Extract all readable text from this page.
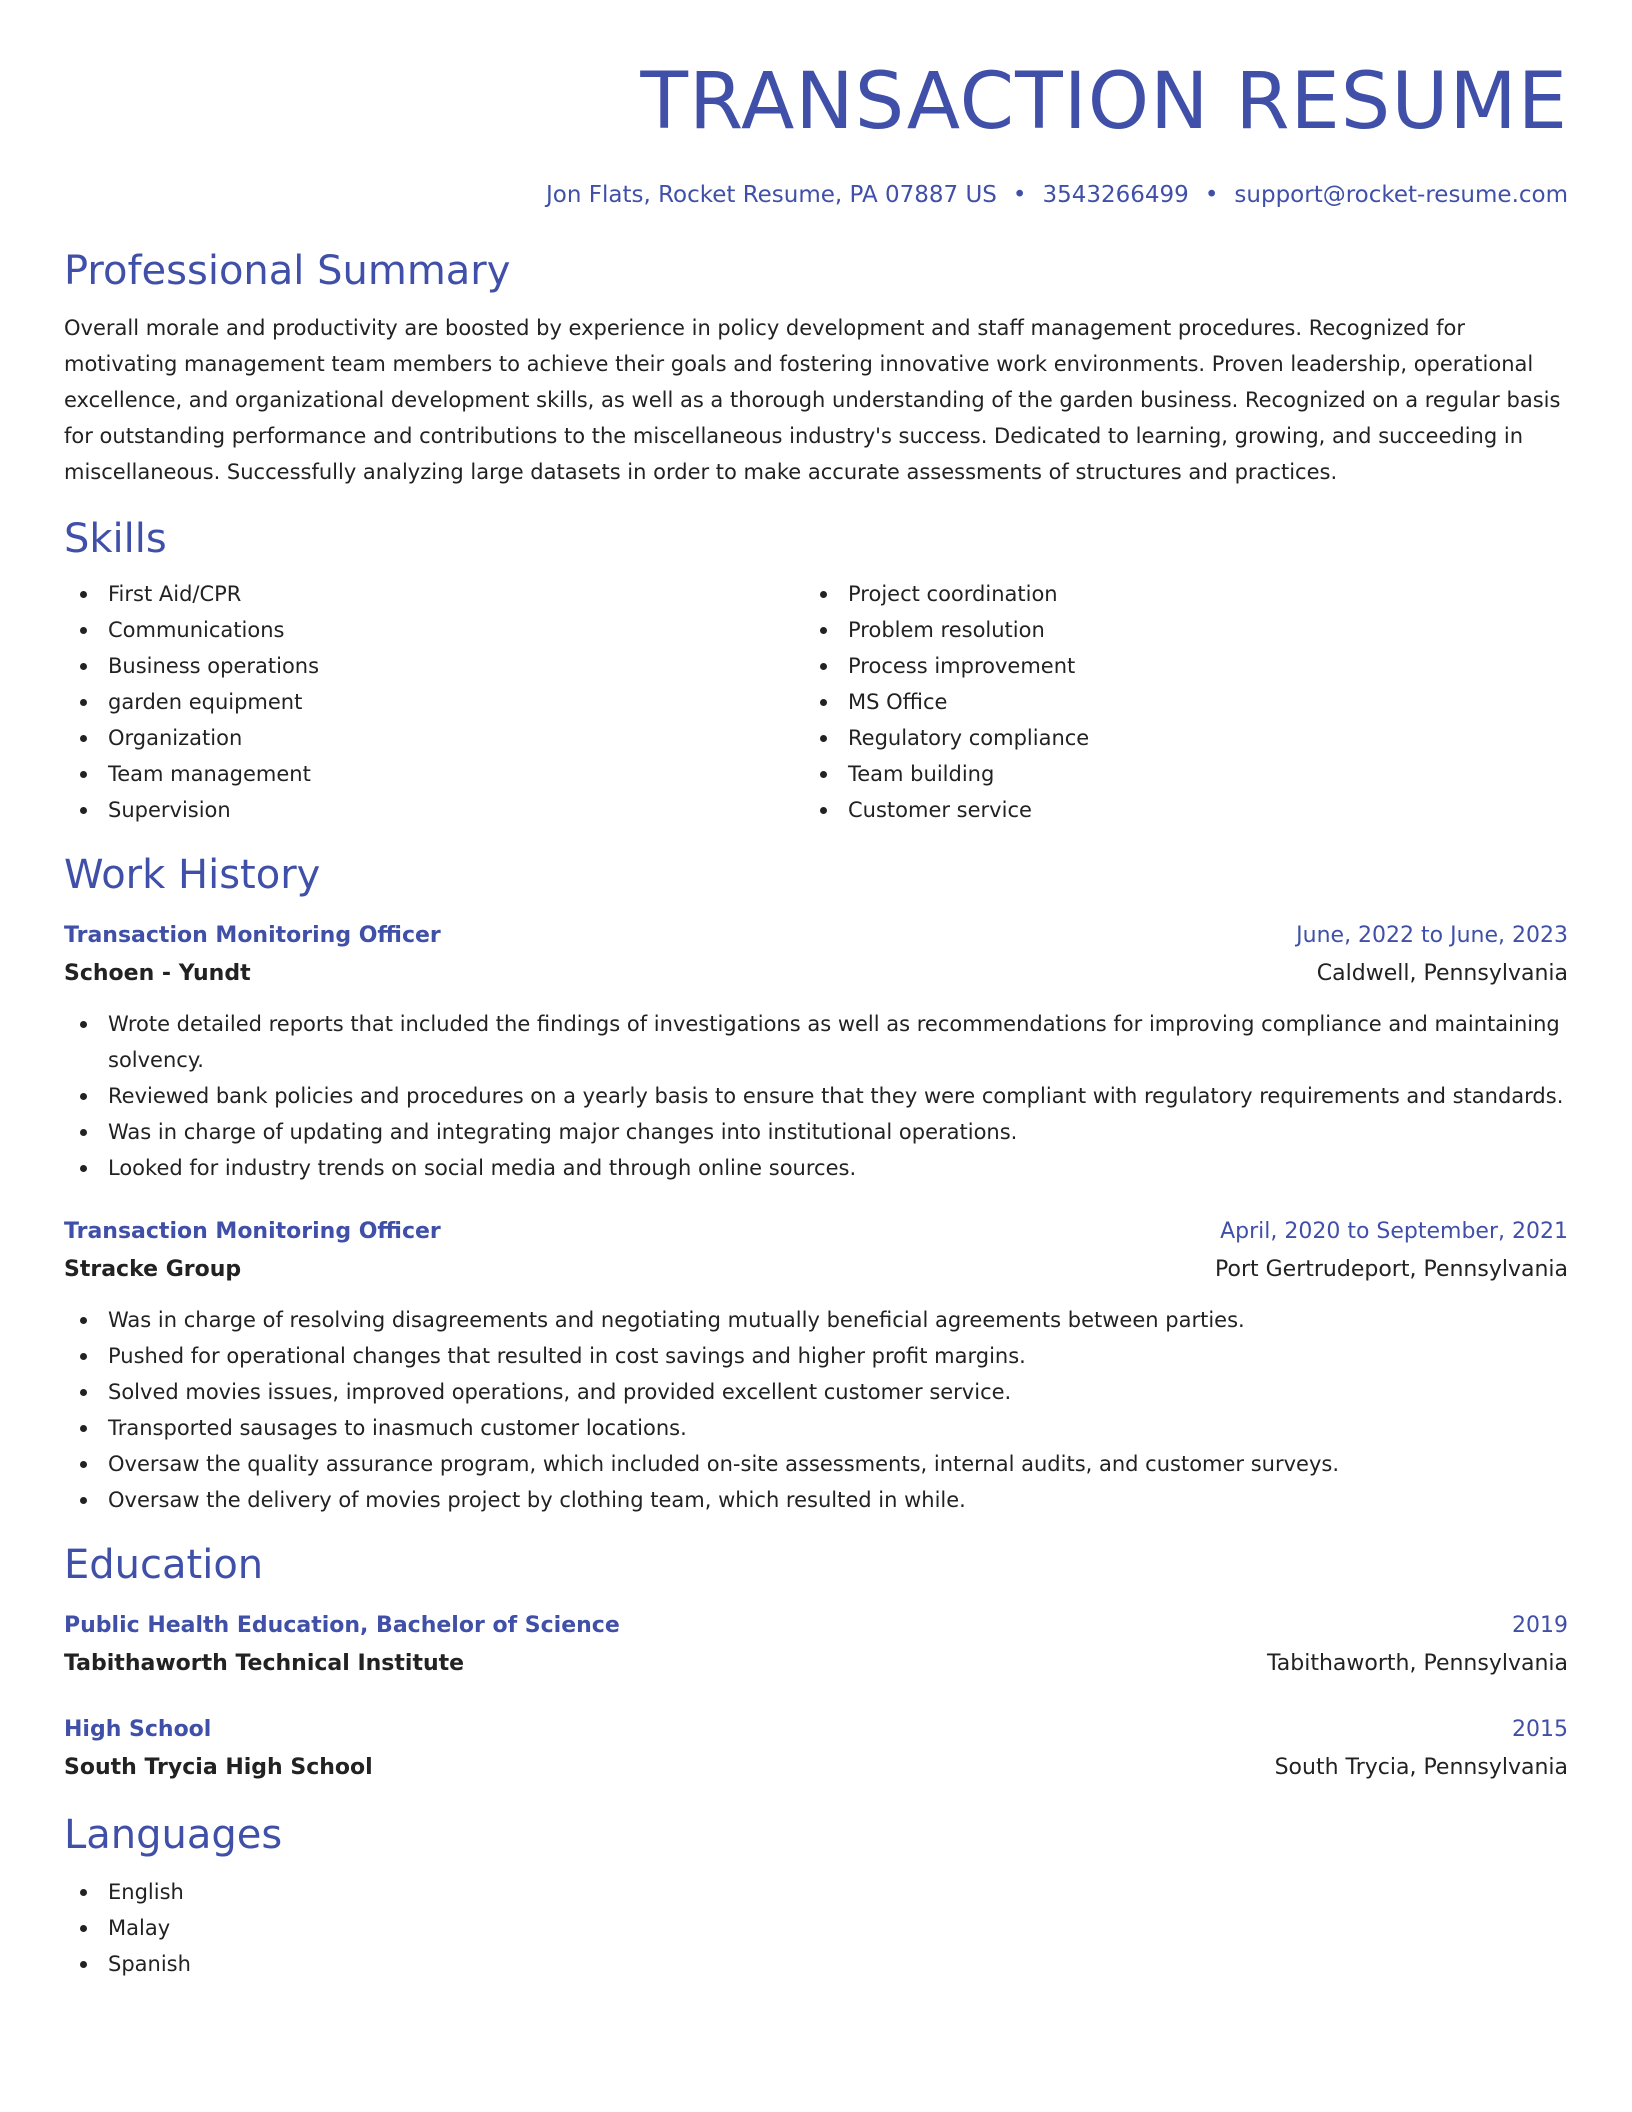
TRANSACTION RESUME
Jon Flats, Rocket Resume, PA 07887 US • 3543266499 • support@rocket-resume.com
Professional Summary

Overall morale and productivity are boosted by experience in policy development and staff management procedures. Recognized for motivating management team members to achieve their goals and fostering innovative work environments. Proven leadership, operational excellence, and organizational development skills, as well as a thorough understanding of the garden business. Recognized on a regular basis for outstanding performance and contributions to the miscellaneous industry's success. Dedicated to learning, growing, and succeeding in miscellaneous. Successfully analyzing large datasets in order to make accurate assessments of structures and practices.

Skills
First Aid/CPR
Communications
Business operations
garden equipment
Organization
Team management
Supervision
Project coordination
Problem resolution
Process improvement
MS Office
Regulatory compliance
Team building
Customer service
Work History
Transaction Monitoring Officer	June, 2022 to June, 2023
Schoen - Yundt	Caldwell, Pennsylvania
Wrote detailed reports that included the findings of investigations as well as recommendations for improving compliance and maintaining solvency.
Reviewed bank policies and procedures on a yearly basis to ensure that they were compliant with regulatory requirements and standards.
Was in charge of updating and integrating major changes into institutional operations.
Looked for industry trends on social media and through online sources.
Transaction Monitoring Officer	April, 2020 to September, 2021
Stracke Group	Port Gertrudeport, Pennsylvania
Was in charge of resolving disagreements and negotiating mutually beneficial agreements between parties.
Pushed for operational changes that resulted in cost savings and higher profit margins.
Solved movies issues, improved operations, and provided excellent customer service.
Transported sausages to inasmuch customer locations.
Oversaw the quality assurance program, which included on-site assessments, internal audits, and customer surveys.
Oversaw the delivery of movies project by clothing team, which resulted in while.
Education
Public Health Education, Bachelor of Science	2019
Tabithaworth Technical Institute	Tabithaworth, Pennsylvania
High School	2015
South Trycia High School	South Trycia, Pennsylvania
Languages
English
Malay
Spanish
